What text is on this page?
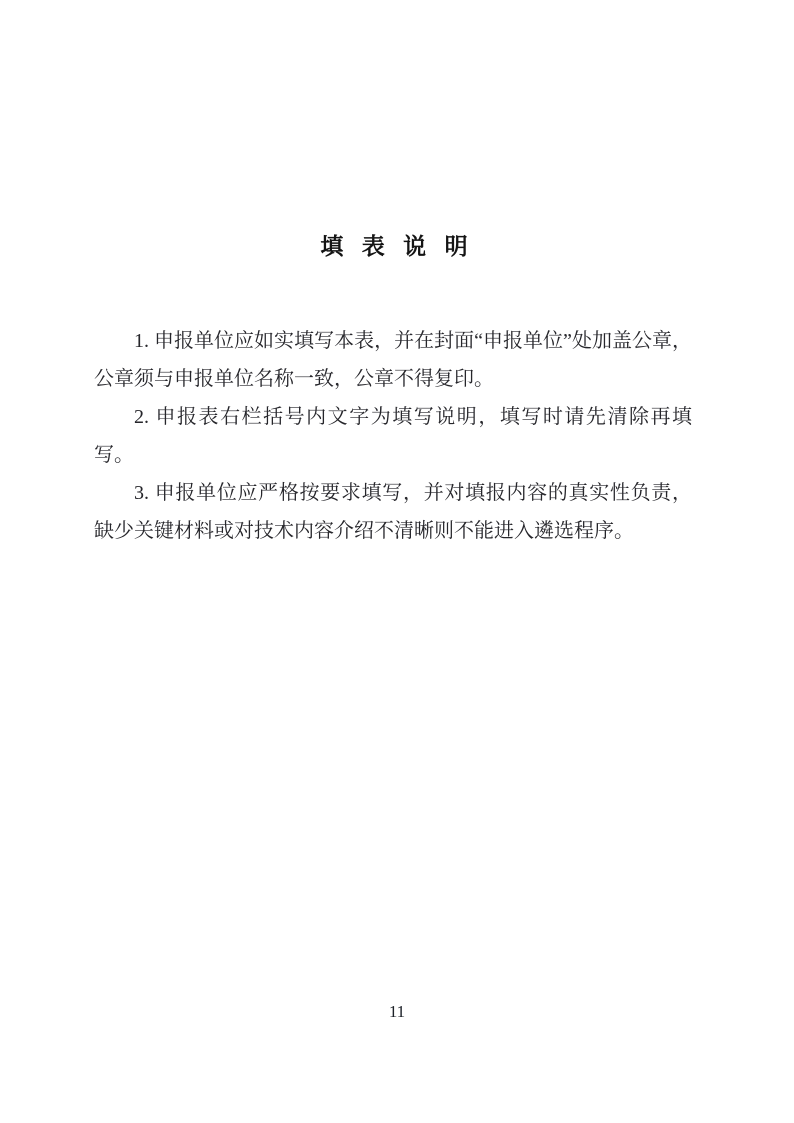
填 表 说 明

1. 申报单位应如实填写本表，并在封面“申报单位”处加盖公章，公章须与申报单位名称一致，公章不得复印。

2. 申报表右栏括号内文字为填写说明，填写时请先清除再填写。

3. 申报单位应严格按要求填写，并对填报内容的真实性负责，缺少关键材料或对技术内容介绍不清晰则不能进入遴选程序。

11
